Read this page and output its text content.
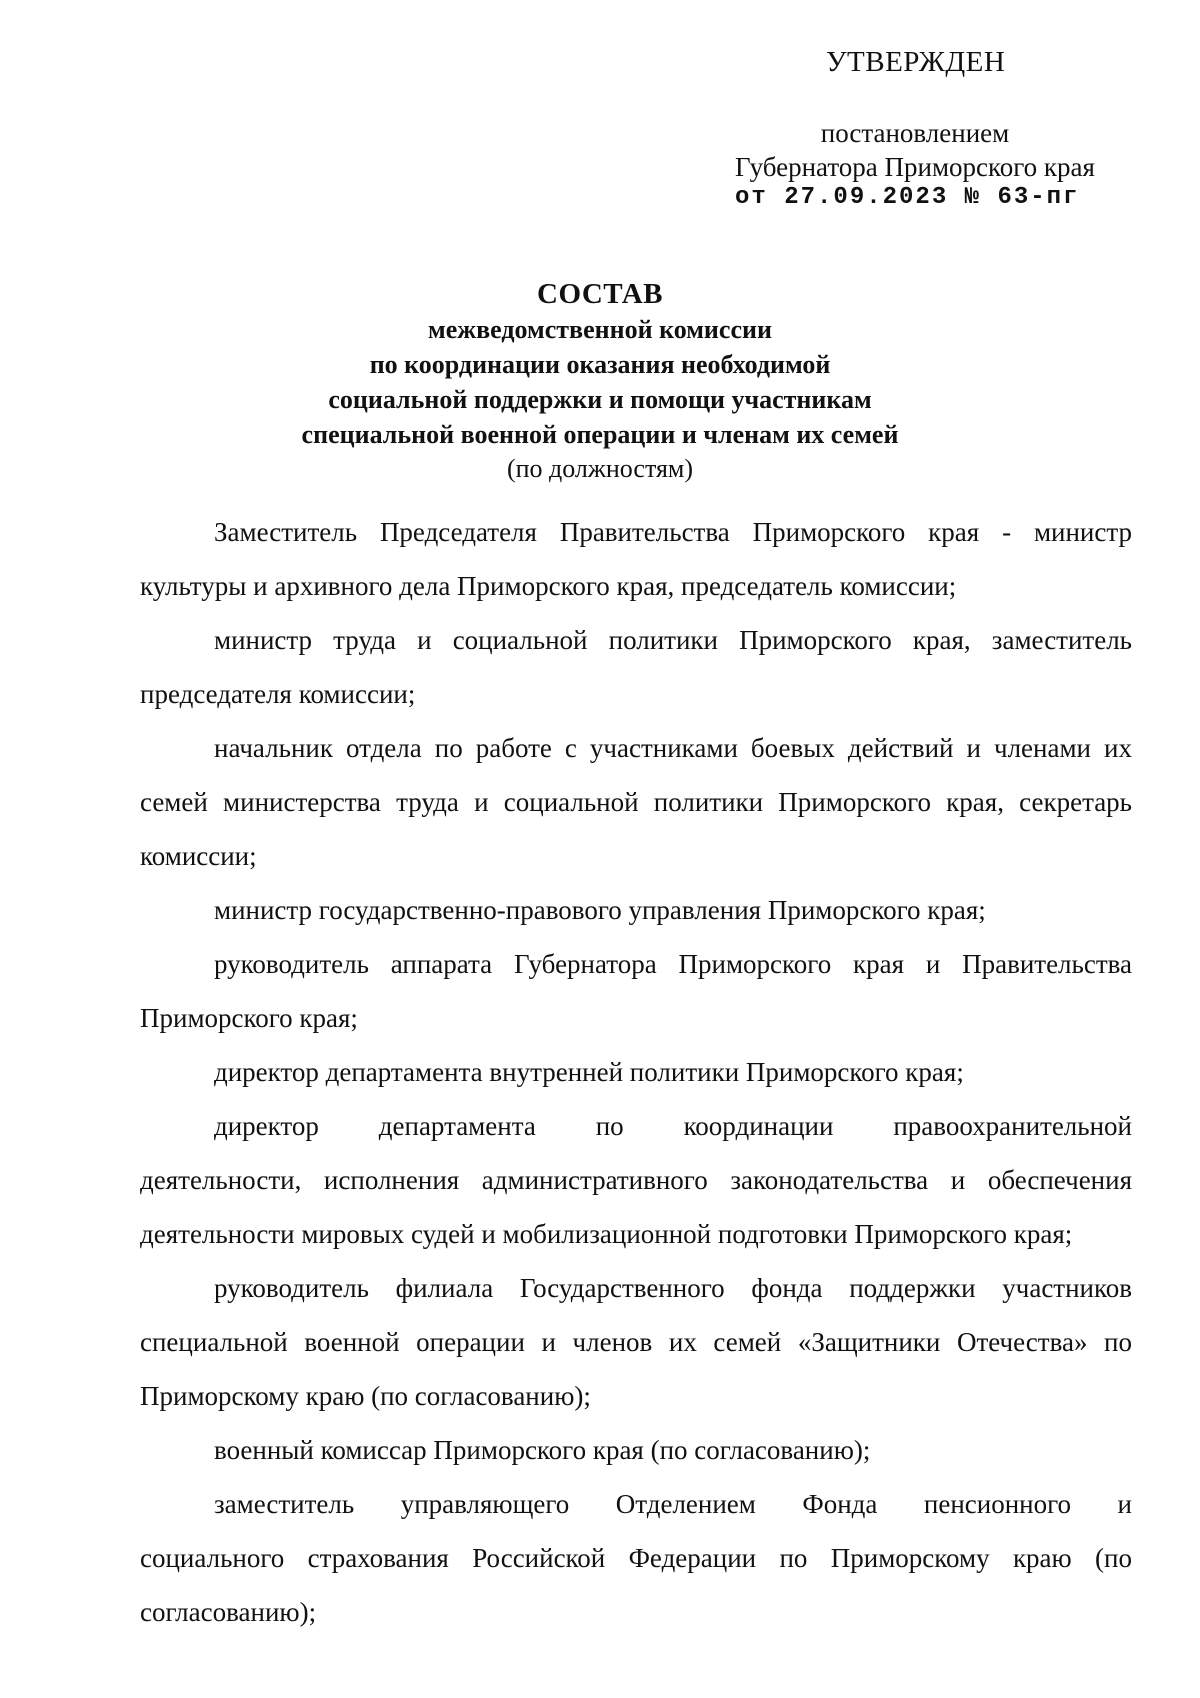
УТВЕРЖДЕН
постановлением
Губернатора Приморского края
от 27.09.2023 № 63-пг
СОСТАВ
межведомственной комиссии
по координации оказания необходимой
социальной поддержки и помощи участникам
специальной военной операции и членам их семей
(по должностям)

Заместитель Председателя Правительства Приморского края - министр культуры и архивного дела Приморского края, председатель комиссии;

министр труда и социальной политики Приморского края, заместитель председателя комиссии;

начальник отдела по работе с участниками боевых действий и членами их семей министерства труда и социальной политики Приморского края, секретарь комиссии;

министр государственно-правового управления Приморского края;

руководитель аппарата Губернатора Приморского края и Правительства Приморского края;

директор департамента внутренней политики Приморского края;

директор департамента по координации правоохранительной

деятельности, исполнения административного законодательства и обеспечения деятельности мировых судей и мобилизационной подготовки Приморского края;

руководитель филиала Государственного фонда поддержки участников специальной военной операции и членов их семей «Защитники Отечества» по Приморскому краю (по согласованию);

военный комиссар Приморского края (по согласованию);

заместитель управляющего Отделением Фонда пенсионного и

социального страхования Российской Федерации по Приморскому краю (по согласованию);
